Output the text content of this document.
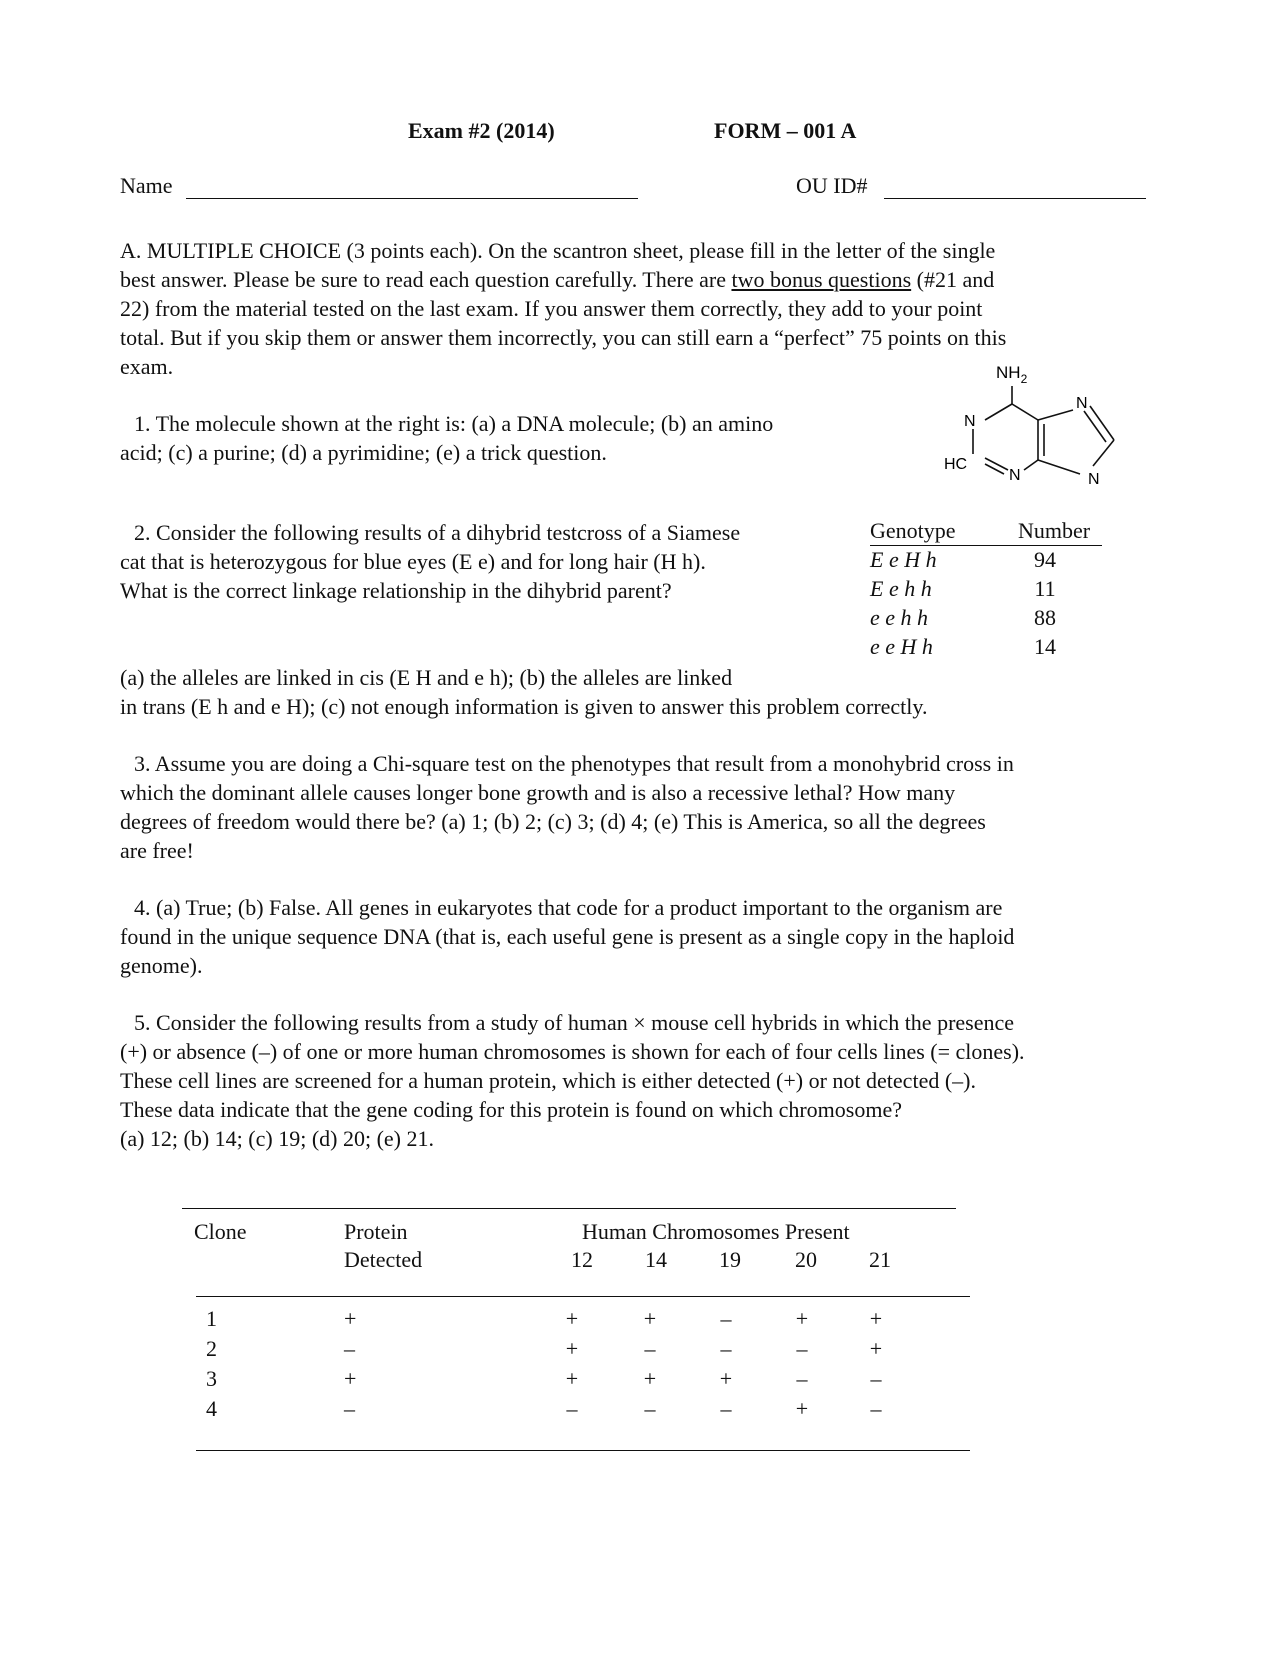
Exam #2 (2014)	FORM – 001 A
Name	OU ID#
A. MULTIPLE CHOICE (3 points each). On the scantron sheet, please fill in the letter of the single
best answer. Please be sure to read each question carefully. There are two bonus questions (#21 and
22) from the material tested on the last exam. If you answer them correctly, they add to your point
total. But if you skip them or answer them incorrectly, you can still earn a “perfect” 75 points on this
exam.
1. The molecule shown at the right is: (a) a DNA molecule; (b) an amino
acid; (c) a purine; (d) a pyrimidine; (e) a trick question.
$NH_2$
N
N
HC
N	N
2. Consider the following results of a dihybrid testcross of a Siamese
cat that is heterozygous for blue eyes (E e) and for long hair (H h).
What is the correct linkage relationship in the dihybrid parent?
Genotype	Number
E e H h	94
E e h h	11
e e h h	88
e e H h	14
(a) the alleles are linked in cis (E H and e h); (b) the alleles are linked
in trans (E h and e H); (c) not enough information is given to answer this problem correctly.
3. Assume you are doing a Chi-square test on the phenotypes that result from a monohybrid cross in
which the dominant allele causes longer bone growth and is also a recessive lethal? How many
degrees of freedom would there be? (a) 1; (b) 2; (c) 3; (d) 4; (e) This is America, so all the degrees
are free!
4. (a) True; (b) False. All genes in eukaryotes that code for a product important to the organism are
found in the unique sequence DNA (that is, each useful gene is present as a single copy in the haploid
genome).
5. Consider the following results from a study of human × mouse cell hybrids in which the presence
(+) or absence (–) of one or more human chromosomes is shown for each of four cells lines (= clones).
These cell lines are screened for a human protein, which is either detected (+) or not detected (–).
These data indicate that the gene coding for this protein is found on which chromosome?
(a) 12; (b) 14; (c) 19; (d) 20; (e) 21.
Clone	Protein
Detected
Human Chromosomes Present
12	14	19	20	21
1	+	+	+	–	+	+
2	–	+	–	–	–	+
3	+	+	+	+	–	–
4	–	–	–	–	+	–
